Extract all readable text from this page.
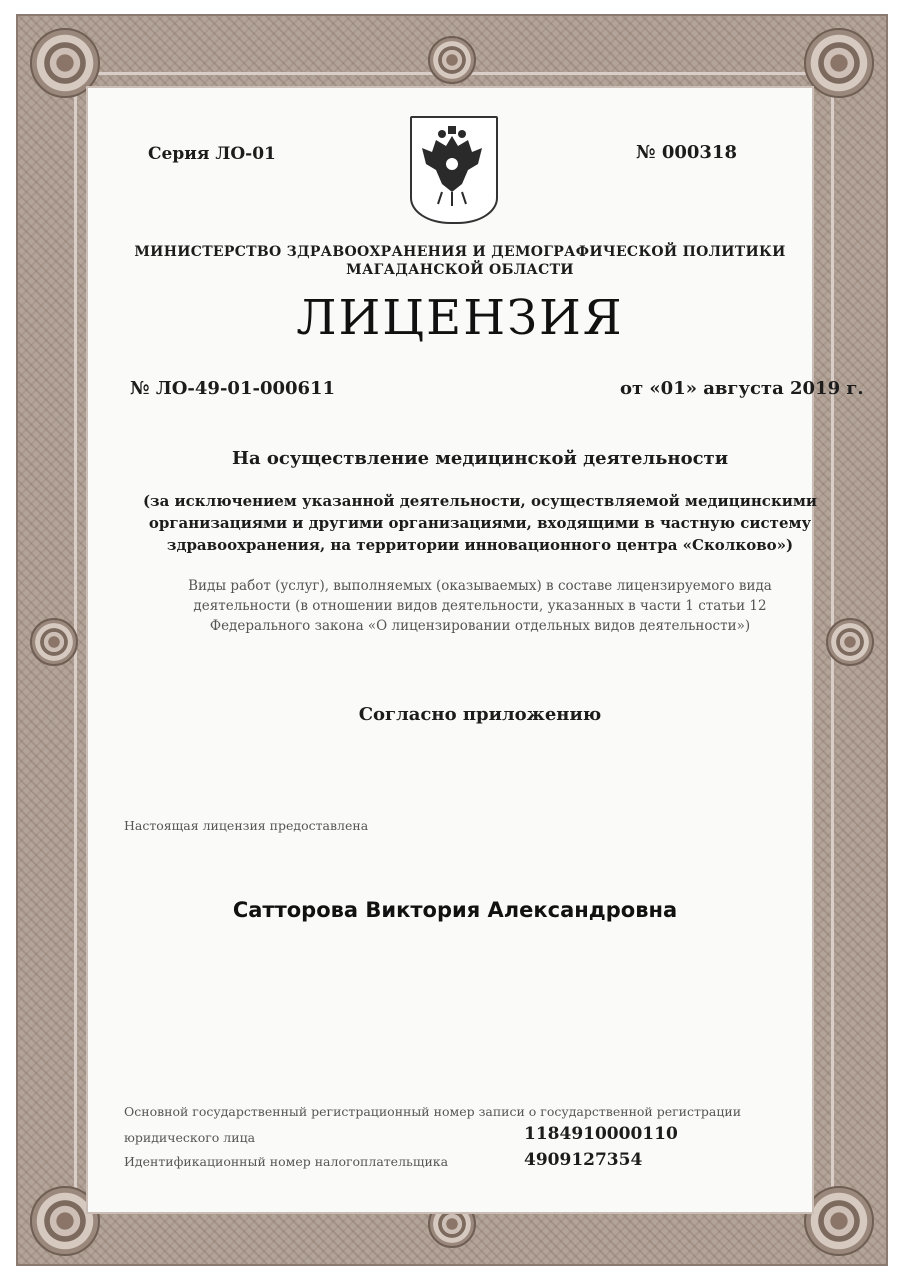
Серия ЛО-01	№ 000318
МИНИСТЕРСТВО ЗДРАВООХРАНЕНИЯ И ДЕМОГРАФИЧЕСКОЙ ПОЛИТИКИ
МАГАДАНСКОЙ ОБЛАСТИ
ЛИЦЕНЗИЯ
№ ЛО-49-01-000611	от «01» августа 2019 г.
На осуществление медицинской деятельности
(за исключением указанной деятельности, осуществляемой медицинскими
организациями и другими организациями, входящими в частную систему
здравоохранения, на территории инновационного центра «Сколково»)
Виды работ (услуг), выполняемых (оказываемых) в составе лицензируемого вида
деятельности (в отношении видов деятельности, указанных в части 1 статьи 12
Федерального закона «О лицензировании отдельных видов деятельности»)
Согласно приложению
Настоящая лицензия предоставлена
Сатторова Виктория Александровна
Основной государственный регистрационный номер записи о государственной регистрации
юридического лица	1184910000110
Идентификационный номер налогоплательщика	4909127354
